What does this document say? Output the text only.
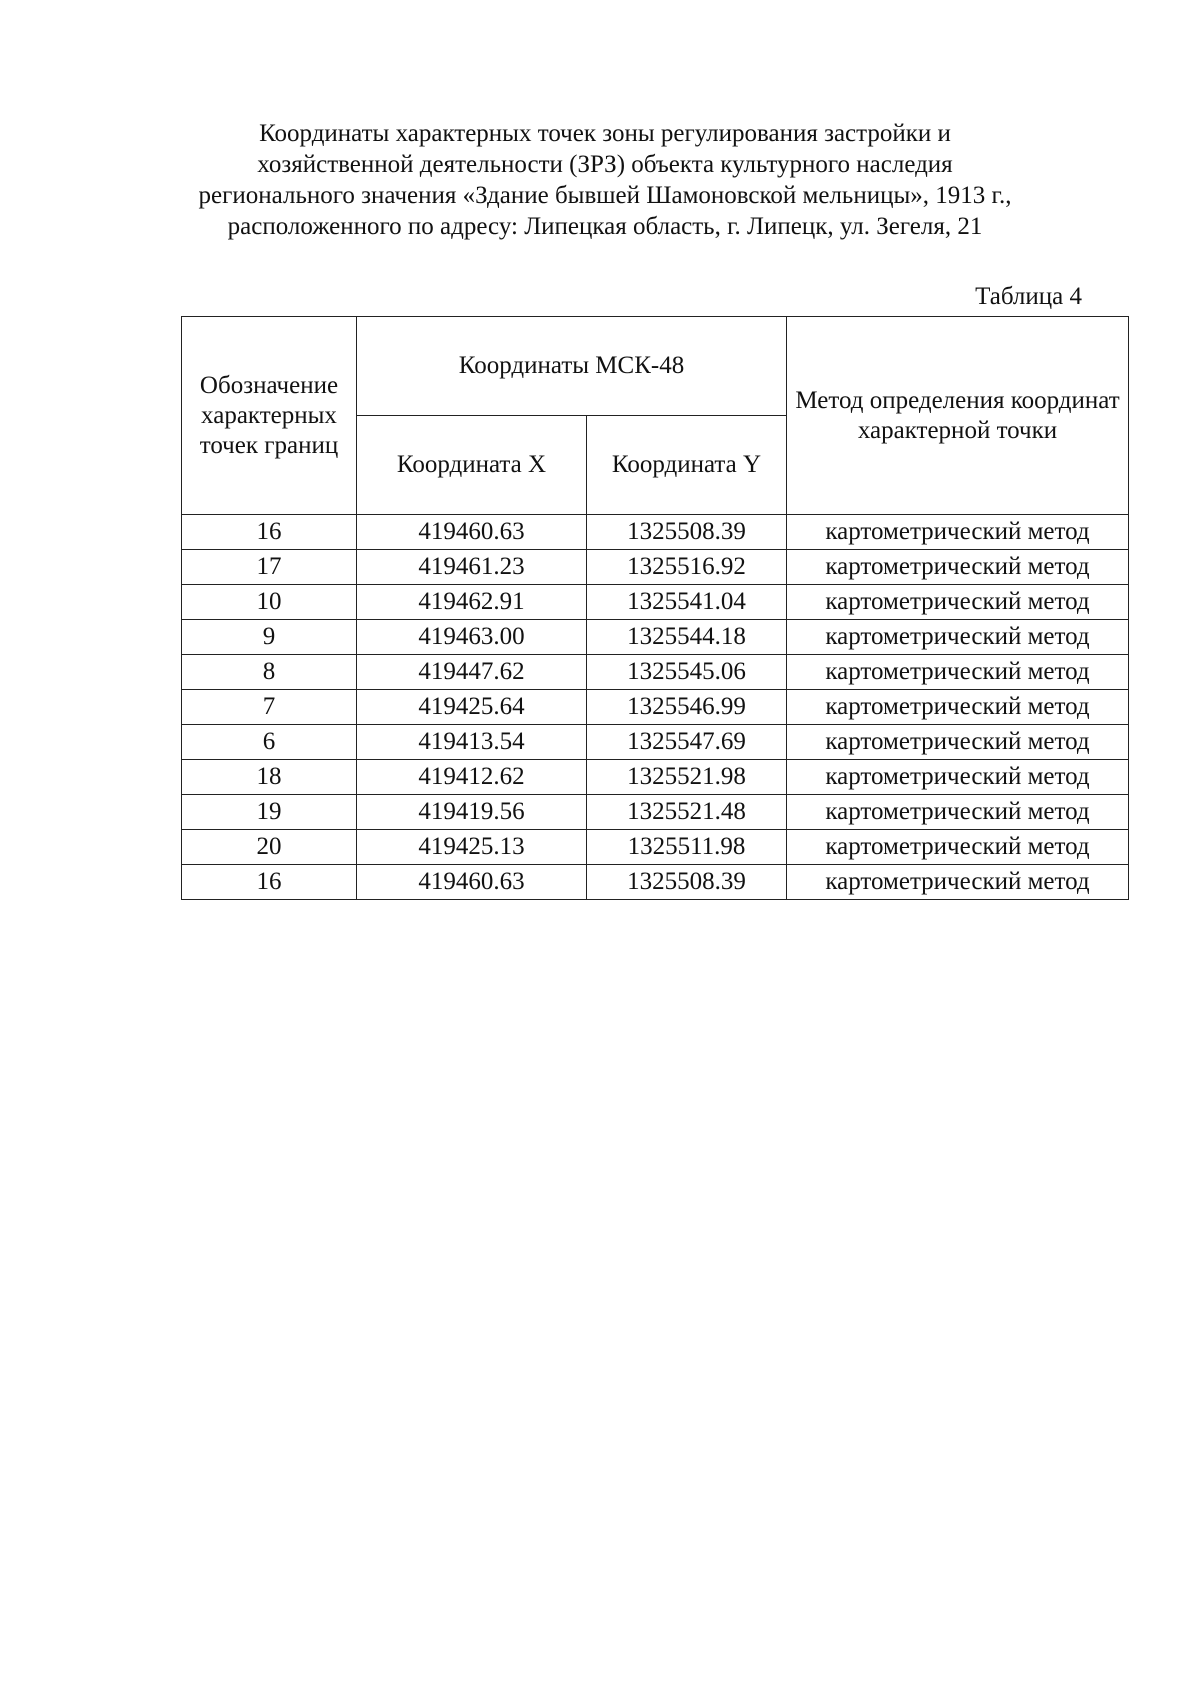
Координаты характерных точек зоны регулирования застройки и
хозяйственной деятельности (ЗРЗ) объекта культурного наследия
регионального значения «Здание бывшей Шамоновской мельницы», 1913 г.,
расположенного по адресу: Липецкая область, г. Липецк, ул. Зегеля, 21
Таблица 4
Обозначение характерных точек границ	Координаты МСК-48		Метод определения координат характерной точки
	Координата X	Координата Y	
16	419460.63	1325508.39	картометрический метод
17	419461.23	1325516.92	картометрический метод
10	419462.91	1325541.04	картометрический метод
9	419463.00	1325544.18	картометрический метод
8	419447.62	1325545.06	картометрический метод
7	419425.64	1325546.99	картометрический метод
6	419413.54	1325547.69	картометрический метод
18	419412.62	1325521.98	картометрический метод
19	419419.56	1325521.48	картометрический метод
20	419425.13	1325511.98	картометрический метод
16	419460.63	1325508.39	картометрический метод
